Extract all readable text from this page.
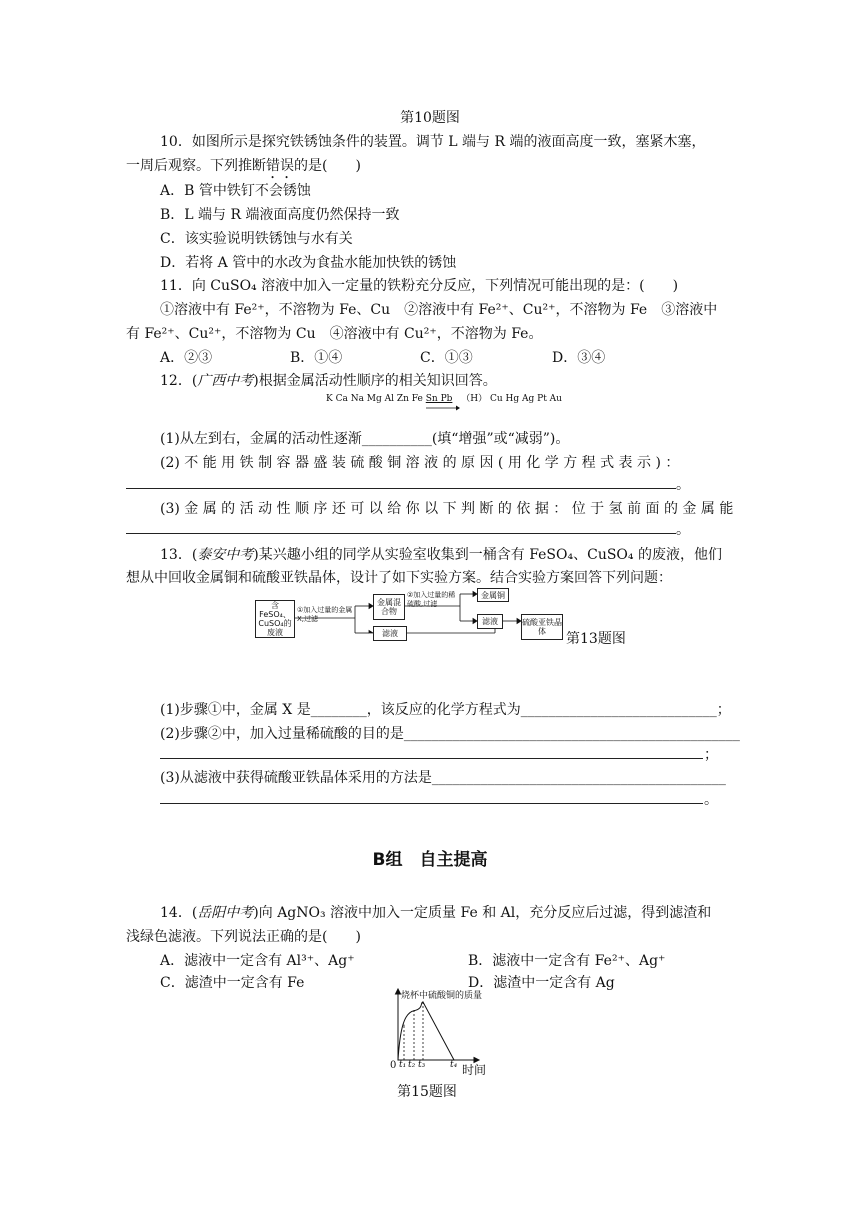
第10题图
10．如图所示是探究铁锈蚀条件的装置。调节 L 端与 R 端的液面高度一致，塞紧木塞，
一周后观察。下列推断错误的是(　　)
A．B 管中铁钉不会锈蚀
B．L 端与 R 端液面高度仍然保持一致
C．该实验说明铁锈蚀与水有关
D．若将 A 管中的水改为食盐水能加快铁的锈蚀
11．向 CuSO₄ 溶液中加入一定量的铁粉充分反应，下列情况可能出现的是：(　　)
①溶液中有 Fe²⁺，不溶物为 Fe、Cu　②溶液中有 Fe²⁺、Cu²⁺，不溶物为 Fe　③溶液中
有 Fe²⁺、Cu²⁺，不溶物为 Cu　④溶液中有 Cu²⁺，不溶物为 Fe。
A．②③	B．①④	C．①③	D．③④
12．(广西中考)根据金属活动性顺序的相关知识回答。
K Ca Na Mg Al Zn Fe Sn Pb （H） Cu Hg Ag Pt Au
(1)从左到右，金属的活动性逐渐__________(填“增强”或“减弱”)。
(2) 不 能 用 铁 制 容 器 盛 装 硫 酸 铜 溶 液 的 原 因 ( 用 化 学 方 程 式 表 示 ) ：
。
(3) 金 属 的 活 动 性 顺 序 还 可 以 给 你 以 下 判 断 的 依 据 ： 位 于 氢 前 面 的 金 属 能
。
13．(泰安中考)某兴趣小组的同学从实验室收集到一桶含有 FeSO₄、CuSO₄ 的废液，他们
想从中回收金属铜和硫酸亚铁晶体，设计了如下实验方案。结合实验方案回答下列问题：
含FeSO₄、CuSO₄的废液
①加入过量的金属X,过滤
金属混合物
②加入过量的稀硫酸,过滤
滤液
金属铜
滤液	硫酸亚铁晶体	第13题图
(1)步骤①中，金属 X 是________，该反应的化学方程式为____________________________；
(2)步骤②中，加入过量稀硫酸的目的是________________________________________________
；
(3)从滤液中获得硫酸亚铁晶体采用的方法是__________________________________________
。
B组　自主提高
14．(岳阳中考)向 AgNO₃ 溶液中加入一定质量 Fe 和 Al，充分反应后过滤，得到滤渣和
浅绿色滤液。下列说法正确的是(　　)
A．滤液中一定含有 Al³⁺、Ag⁺	B．滤液中一定含有 Fe²⁺、Ag⁺
C．滤渣中一定含有 Fe	D．滤渣中一定含有 Ag
烧杯中硫酸铜的质量
0 t₁ t₂ t₃	t₄ 时间
第15题图
